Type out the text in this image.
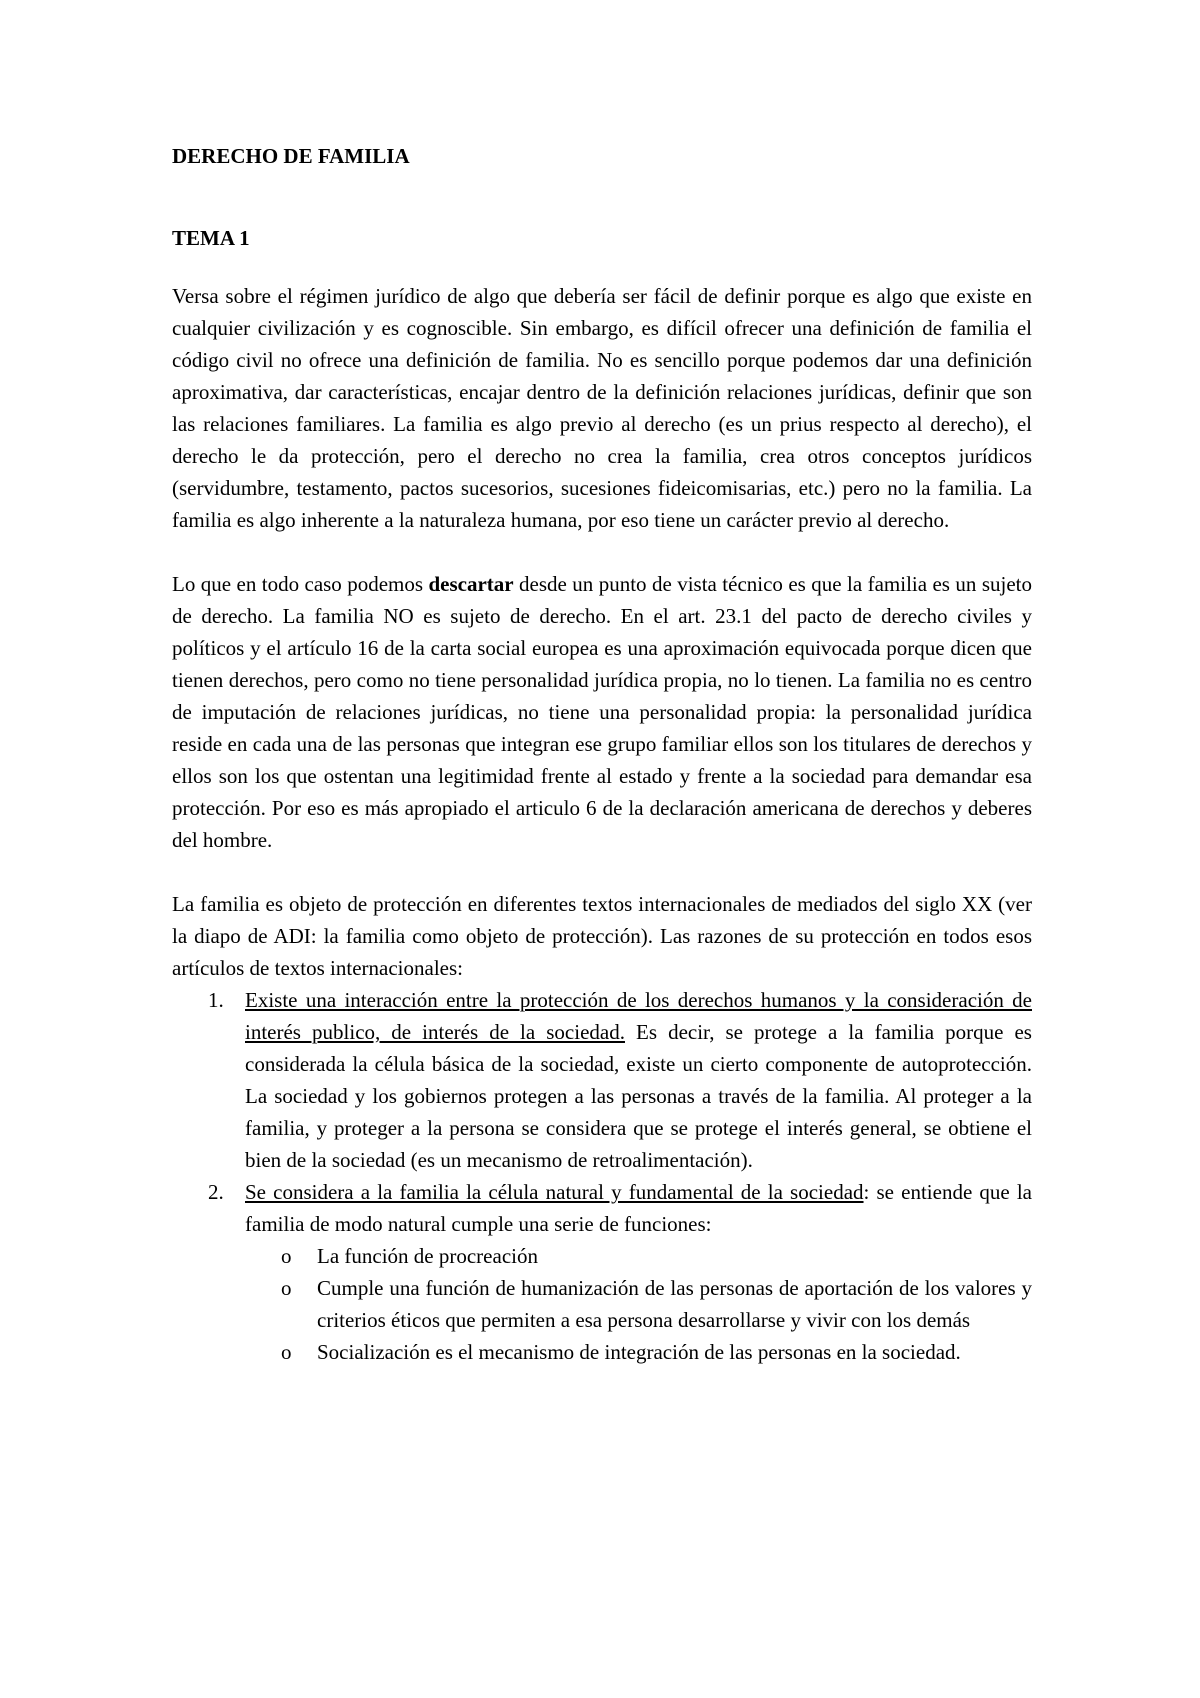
DERECHO DE FAMILIA

TEMA 1

Versa sobre el régimen jurídico de algo que debería ser fácil de definir porque es algo que existe en cualquier civilización y es cognoscible. Sin embargo, es difícil ofrecer una definición de familia el código civil no ofrece una definición de familia. No es sencillo porque podemos dar una definición aproximativa, dar características, encajar dentro de la definición relaciones jurídicas, definir que son las relaciones familiares. La familia es algo previo al derecho (es un prius respecto al derecho), el derecho le da protección, pero el derecho no crea la familia, crea otros conceptos jurídicos (servidumbre, testamento, pactos sucesorios, sucesiones fideicomisarias, etc.) pero no la familia. La familia es algo inherente a la naturaleza humana, por eso tiene un carácter previo al derecho.

Lo que en todo caso podemos descartar desde un punto de vista técnico es que la familia es un sujeto de derecho. La familia NO es sujeto de derecho. En el art. 23.1 del pacto de derecho civiles y políticos y el artículo 16 de la carta social europea es una aproximación equivocada porque dicen que tienen derechos, pero como no tiene personalidad jurídica propia, no lo tienen. La familia no es centro de imputación de relaciones jurídicas, no tiene una personalidad propia: la personalidad jurídica reside en cada una de las personas que integran ese grupo familiar ellos son los titulares de derechos y ellos son los que ostentan una legitimidad frente al estado y frente a la sociedad para demandar esa protección. Por eso es más apropiado el articulo 6 de la declaración americana de derechos y deberes del hombre.

La familia es objeto de protección en diferentes textos internacionales de mediados del siglo XX (ver la diapo de ADI: la familia como objeto de protección). Las razones de su protección en todos esos artículos de textos internacionales:

1.	Existe una interacción entre la protección de los derechos humanos y la consideración de interés publico, de interés de la sociedad. Es decir, se protege a la familia porque es considerada la célula básica de la sociedad, existe un cierto componente de autoprotección. La sociedad y los gobiernos protegen a las personas a través de la familia. Al proteger a la familia, y proteger a la persona se considera que se protege el interés general, se obtiene el bien de la sociedad (es un mecanismo de retroalimentación).
2.	Se considera a la familia la célula natural y fundamental de la sociedad: se entiende que la familia de modo natural cumple una serie de funciones:
o La función de procreación
o Cumple una función de humanización de las personas de aportación de los valores y criterios éticos que permiten a esa persona desarrollarse y vivir con los demás
o Socialización es el mecanismo de integración de las personas en la sociedad.
